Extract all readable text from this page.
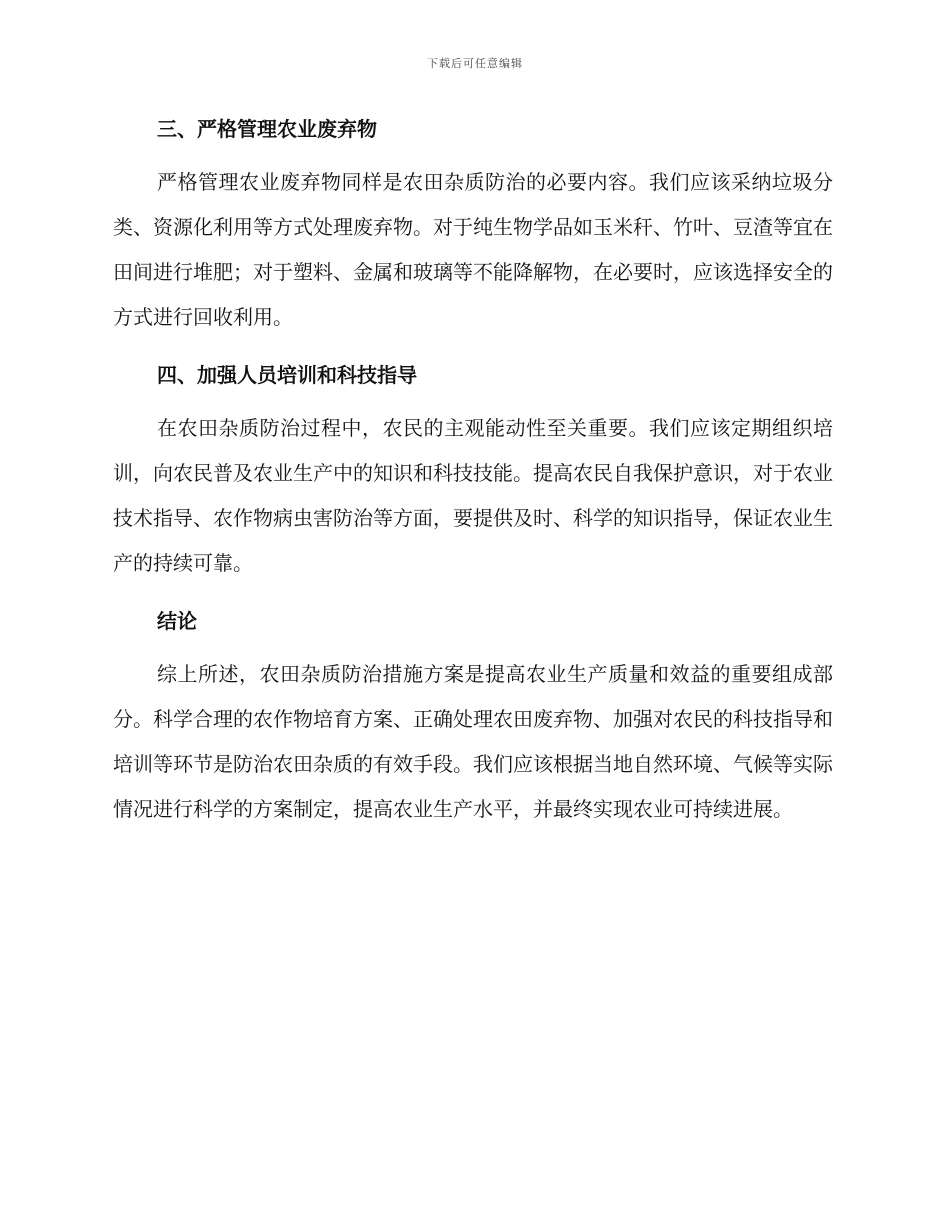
下载后可任意编辑
三、严格管理农业废弃物

严格管理农业废弃物同样是农田杂质防治的必要内容。我们应该采纳垃圾分类、资源化利用等方式处理废弃物。对于纯生物学品如玉米秆、竹叶、豆渣等宜在田间进行堆肥；对于塑料、金属和玻璃等不能降解物，在必要时，应该选择安全的方式进行回收利用。

四、加强人员培训和科技指导

在农田杂质防治过程中，农民的主观能动性至关重要。我们应该定期组织培训，向农民普及农业生产中的知识和科技技能。提高农民自我保护意识，对于农业技术指导、农作物病虫害防治等方面，要提供及时、科学的知识指导，保证农业生产的持续可靠。

结论

综上所述，农田杂质防治措施方案是提高农业生产质量和效益的重要组成部分。科学合理的农作物培育方案、正确处理农田废弃物、加强对农民的科技指导和培训等环节是防治农田杂质的有效手段。我们应该根据当地自然环境、气候等实际情况进行科学的方案制定，提高农业生产水平，并最终实现农业可持续进展。
